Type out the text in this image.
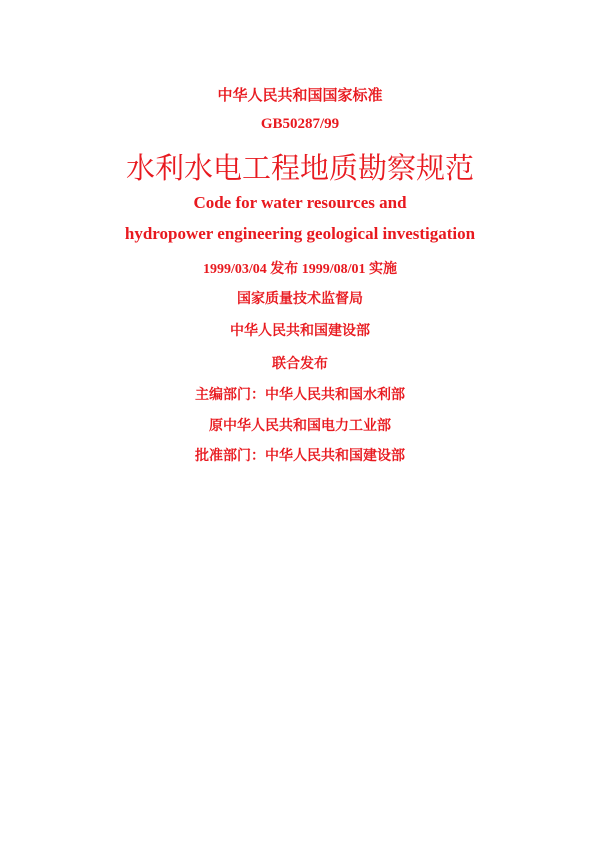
中华人民共和国国家标准
GB50287/99
水利水电工程地质勘察规范
Code for water resources and
hydropower engineering geological investigation
1999/03/04 发布 1999/08/01 实施
国家质量技术监督局
中华人民共和国建设部
联合发布
主编部门：中华人民共和国水利部
原中华人民共和国电力工业部
批准部门：中华人民共和国建设部
